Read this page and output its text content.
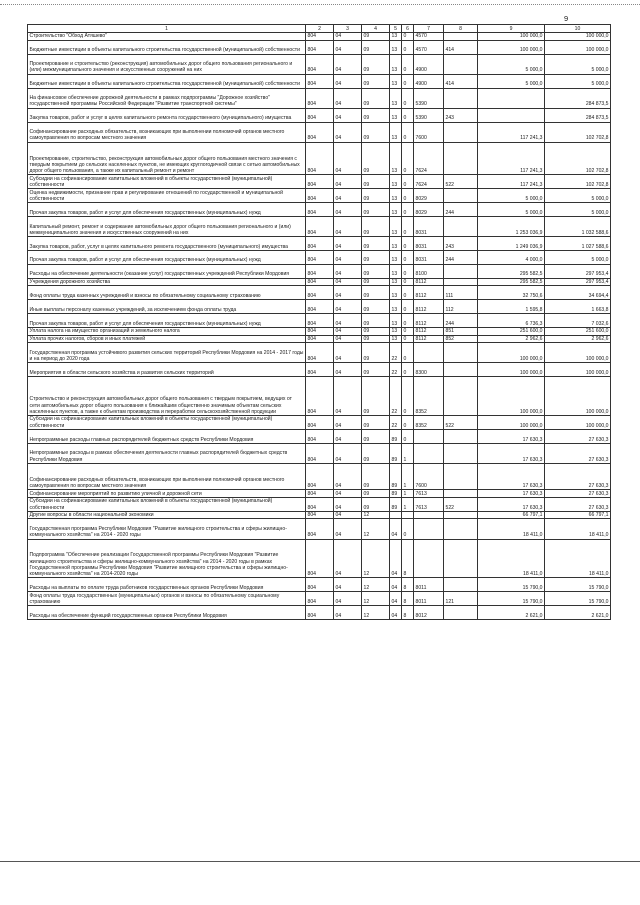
9
1	2	3	4	5	6	7	8	9	10
Строительство "Обход Атяшево"	804	04	09	13	0	4570		100 000,0	100 000,0
Бюджетные инвестиции в объекты капитального строительства государственной (муниципальной) собственности	804	04	09	13	0	4570	414	100 000,0	100 000,0
Проектирование и строительство (реконструкция) автомобильных дорог общего пользования регионального и (или) межмуниципального значения и искусственных сооружений на них	804	04	09	13	0	4900		5 000,0	5 000,0
Бюджетные инвестиции в объекты капитального строительства государственной (муниципальной) собственности	804	04	09	13	0	4900	414	5 000,0	5 000,0
На финансовое обеспечение дорожной деятельности в рамках подпрограммы "Дорожное хозяйство" государственной программы Российской Федерации "Развитие транспортной системы"	804	04	09	13	0	5390			284 873,5
Закупка товаров, работ и услуг в целях капитального ремонта государственного (муниципального) имущества	804	04	09	13	0	5390	243		284 873,5
Софинансирование расходных обязательств, возникающих при выполнении полномочий органов местного самоуправления по вопросам местного значения	804	04	09	13	0	7600		117 241,3	102 702,8
Проектирование, строительство, реконструкция автомобильных дорог общего пользования местного значения с твердым покрытием до сельских населенных пунктов, не имеющих круглогодичной связи с сетью автомобильных дорог общего пользования, а также их капитальный ремонт и ремонт	804	04	09	13	0	7624		117 241,3	102 702,8
Субсидии на софинансирование капитальных вложений в объекты государственной (муниципальной) собственности	804	04	09	13	0	7624	522	117 241,3	102 702,8
Оценка недвижимости, признание прав и регулирование отношений по государственной и муниципальной собственности	804	04	09	13	0	8029		5 000,0	5 000,0
Прочая закупка товаров, работ и услуг для обеспечения государственных (муниципальных) нужд	804	04	09	13	0	8029	244	5 000,0	5 000,0
Капитальный ремонт, ремонт и содержание автомобильных дорог общего пользования регионального и (или) межмуниципального значения и искусственных сооружений на них	804	04	09	13	0	8031		1 253 036,9	1 032 588,6
Закупка товаров, работ, услуг в целях капитального ремонта государственного (муниципального) имущества	804	04	09	13	0	8031	243	1 249 036,9	1 027 588,6
Прочая закупка товаров, работ и услуг для обеспечения государственных (муниципальных) нужд	804	04	09	13	0	8031	244	4 000,0	5 000,0
Расходы на обеспечение деятельности (оказание услуг) государственных учреждений Республики Мордовия	804	04	09	13	0	8100		295 582,5	297 953,4
Учреждения дорожного хозяйства	804	04	09	13	0	8112		295 582,5	297 953,4
Фонд оплаты труда казенных учреждений и взносы по обязательному социальному страхованию	804	04	09	13	0	8112	111	32 750,6	34 694,4
Иные выплаты персоналу казенных учреждений, за исключением фонда оплаты труда	804	04	09	13	0	8112	112	1 595,8	1 663,8
Прочая закупка товаров, работ и услуг для обеспечения государственных (муниципальных) нужд	804	04	09	13	0	8112	244	6 736,3	7 032,6
Уплата налога на имущество организаций и земельного налога	804	04	09	13	0	8112	851	251 600,0	251 600,0
Уплата прочих налогов, сборов и иных платежей	804	04	09	13	0	8112	852	2 962,6	2 962,6
Государственная программа устойчивого развития сельских территорий Республики Мордовия на 2014 - 2017 годы и на период до 2020 года	804	04	09	22	0			100 000,0	100 000,0
Мероприятия в области сельского хозяйства и развития сельских территорий	804	04	09	22	0	8300		100 000,0	100 000,0
Строительство и реконструкция автомобильных дорог общего пользования с твердым покрытием, ведущих от сети автомобильных дорог общего пользования к ближайшим общественно значимым объектам сельских населенных пунктов, а также к объектам производства и переработки сельскохозяйственной продукции	804	04	09	22	0	8352		100 000,0	100 000,0
Субсидии на софинансирование капитальных вложений в объекты государственной (муниципальной) собственности	804	04	09	22	0	8352	522	100 000,0	100 000,0
Непрограммные расходы главных распорядителей бюджетных средств Республики Мордовия	804	04	09	89	0			17 630,3	27 630,3
Непрограммные расходы в рамках обеспечения деятельности главных распорядителей бюджетных средств Республики Мордовия	804	04	09	89	1			17 630,3	27 630,3
Софинансирование расходных обязательств, возникающих при выполнении полномочий органов местного самоуправления по вопросам местного значения	804	04	09	89	1	7600		17 630,3	27 630,3
Софинансирование мероприятий по развитию уличной и дорожной сети	804	04	09	89	1	7613		17 630,3	27 630,3
Субсидии на софинансирование капитальных вложений в объекты государственной (муниципальной) собственности	804	04	09	89	1	7613	522	17 630,3	27 630,3
Другие вопросы в области национальной экономики	804	04	12					66 797,1	66 797,1
Государственная программа Республики Мордовия "Развитие жилищного строительства и сферы жилищно-коммунального хозяйства" на 2014 - 2020 годы	804	04	12	04	0			18 411,0	18 411,0
Подпрограмма "Обеспечение реализации Государственной программы Республики Мордовия "Развитие жилищного строительства и сферы жилищно-коммунального хозяйства" на 2014 - 2020 годы в рамках Государственной программы Республики Мордовия "Развитие жилищного строительства и сферы жилищно-коммунального хозяйства" на 2014-2020 годы	804	04	12	04	8			18 411,0	18 411,0
Расходы на выплаты по оплате труда работников государственных органов Республики Мордовия	804	04	12	04	8	8011		15 790,0	15 790,0
Фонд оплаты труда государственных (муниципальных) органов и взносы по обязательному социальному страхованию	804	04	12	04	8	8011	121	15 790,0	15 790,0
Расходы на обеспечение функций государственных органов Республики Мордовия	804	04	12	04	8	8012		2 621,0	2 621,0
